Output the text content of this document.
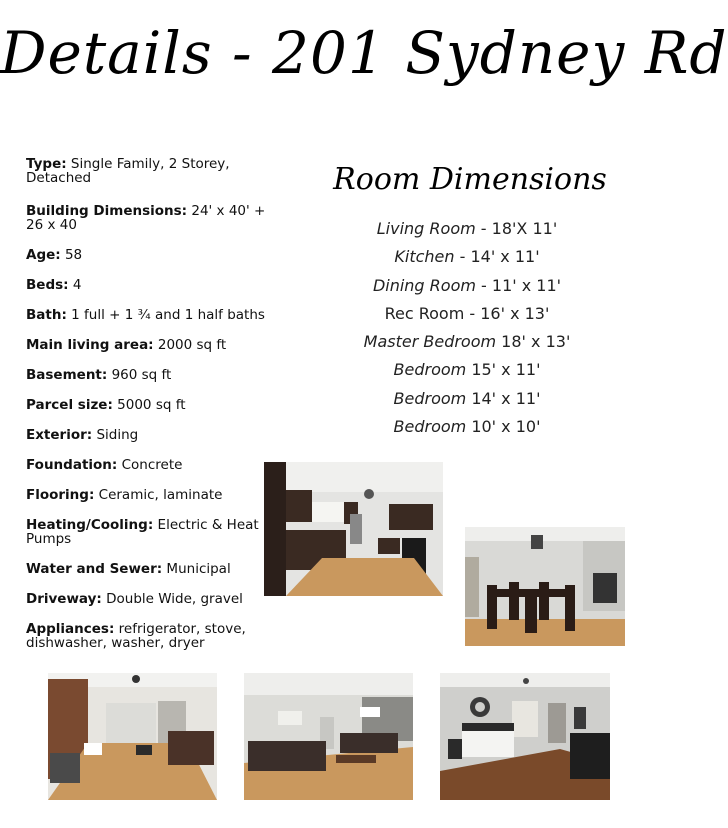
Details - 201 Sydney Rd

Type: Single Family, 2 Storey, Detached

Building Dimensions: 24' x 40' + 26 x 40

Age: 58

Beds: 4

Bath: 1 full + 1 ¾ and 1 half baths

Main living area: 2000 sq ft

Basement: 960 sq ft

Parcel size: 5000 sq ft

Exterior: Siding

Foundation: Concrete

Flooring: Ceramic, laminate

Heating/Cooling: Electric & Heat Pumps

Water and Sewer: Municipal

Driveway: Double Wide, gravel

Appliances: refrigerator, stove, dishwasher, washer, dryer

Room Dimensions
Living Room - 18'X 11'
Kitchen - 14' x 11'
Dining Room - 11' x 11'
Rec Room - 16' x 13'
Master Bedroom 18' x 13'
Bedroom 15' x 11'
Bedroom 14' x 11'
Bedroom 10' x 10'
